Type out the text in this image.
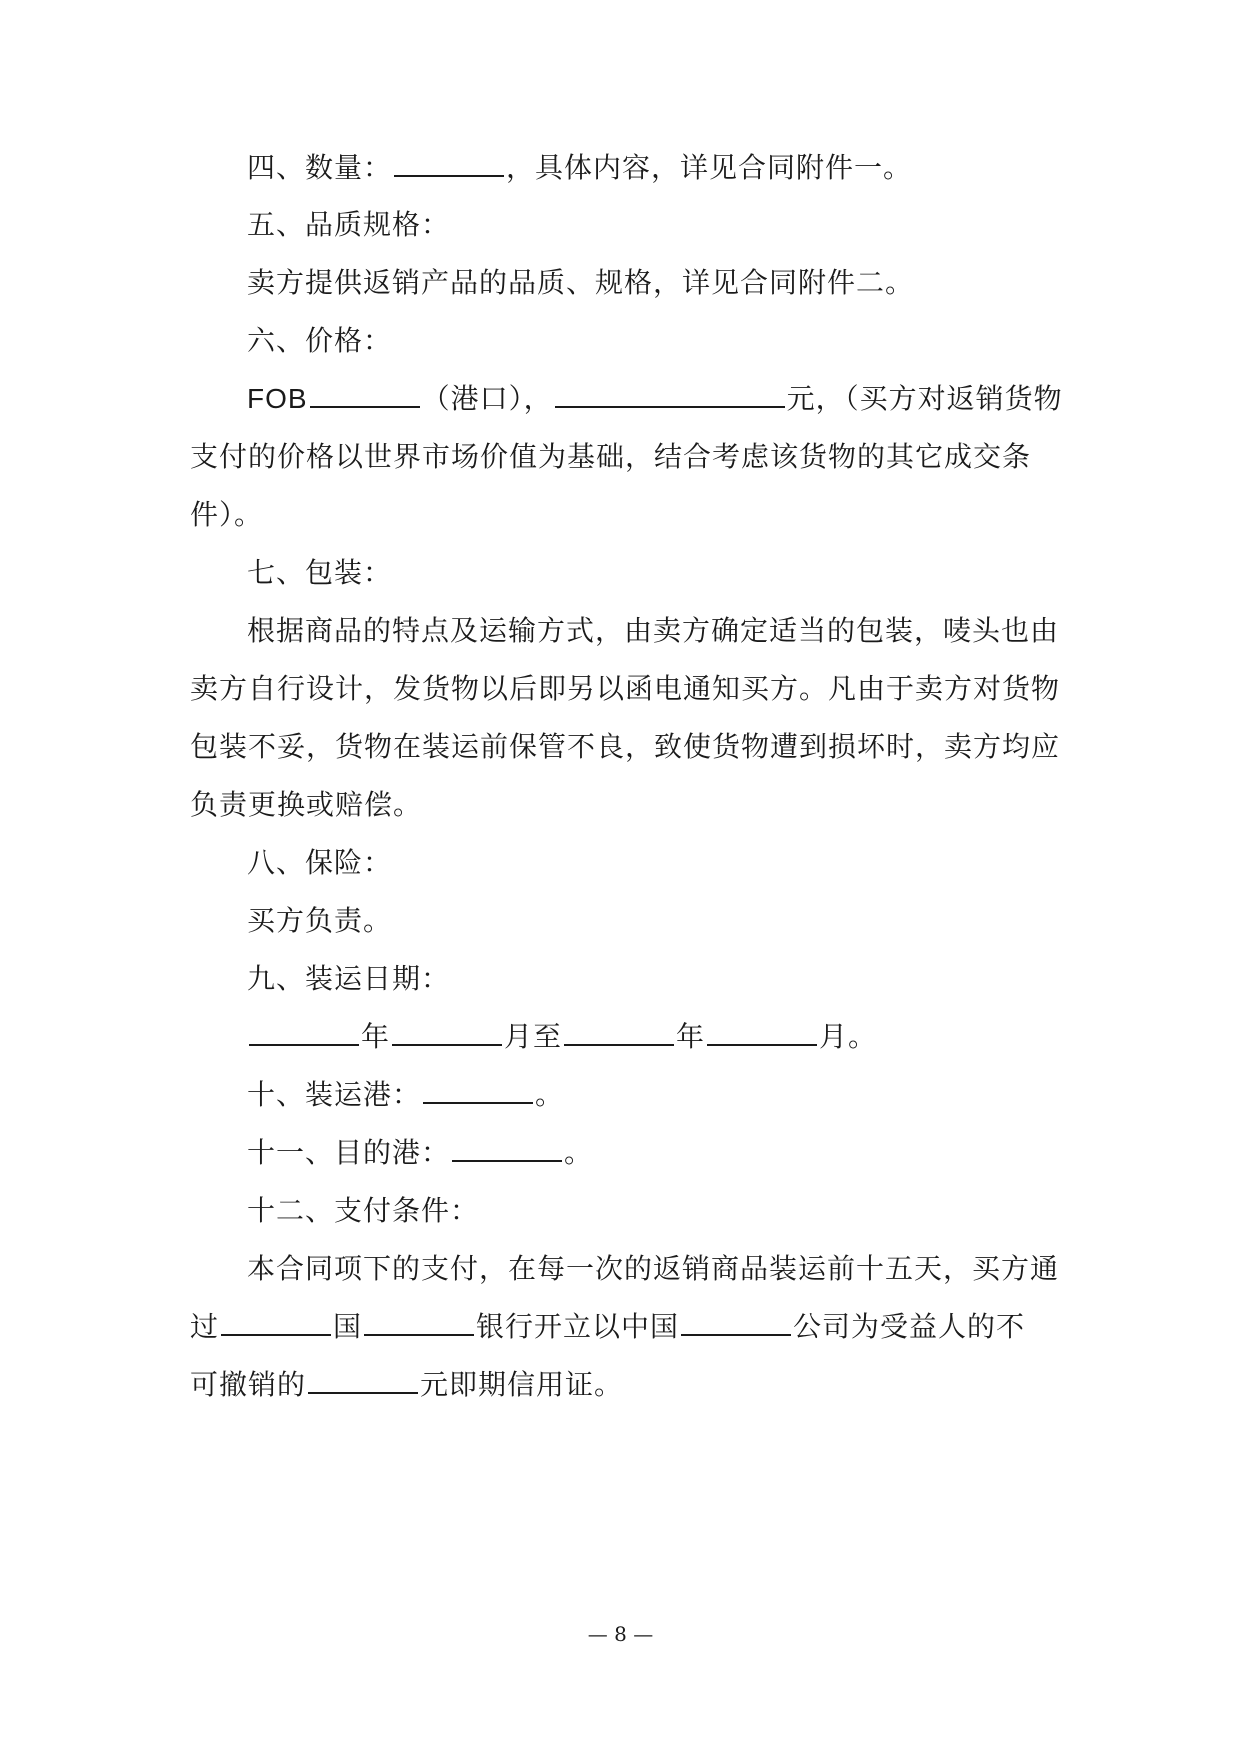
四、数量：	，具体内容，详见合同附件一。
五、品质规格：
卖方提供返销产品的品质、规格，详见合同附件二。
六、价格：
FOB	（港口），	元，（买方对返销货物
支付的价格以世界市场价值为基础，结合考虑该货物的其它成交条
件）。
七、包装：
根据商品的特点及运输方式，由卖方确定适当的包装，唛头也由
卖方自行设计，发货物以后即另以函电通知买方。凡由于卖方对货物
包装不妥，货物在装运前保管不良，致使货物遭到损坏时，卖方均应
负责更换或赔偿。
八、保险：
买方负责。
九、装运日期：
年	月至	年	月。
十、装运港：	。
十一、目的港：	。
十二、支付条件：
本合同项下的支付，在每一次的返销商品装运前十五天，买方通
过	国	银行开立以中国	公司为受益人的不
可撤销的	元即期信用证。
— 8 —
